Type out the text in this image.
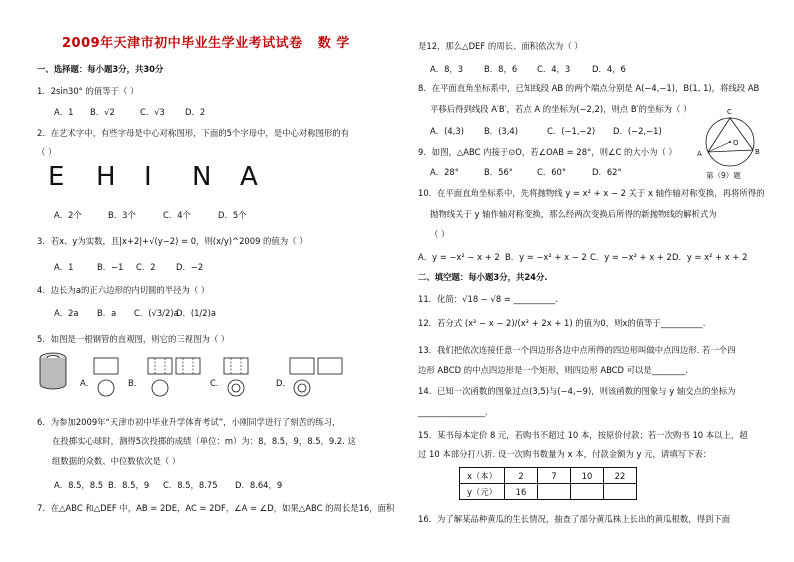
2009年天津市初中毕业生学业考试试卷 数 学
一、选择题：每小题3分，共30分
1．2sin30° 的值等于（ ）
A．1 B．√2	C．√3 D．2
2．在艺术字中，有些字母是中心对称图形，下面的5个字母中，是中心对称图形的有
（ ）
E H I N A
A．2个	B．3个	C．4个	D．5个
3．若x、y为实数，且|x+2|+√(y−2) = 0，则(x/y)^2009 的值为（ ）
A．1	B．−1 C．2 D．−2
4．边长为a的正六边形的内切圆的半径为（ ）
A．2a B．a C．(√3/2)a
D．(1/2)a
5．如图是一根钢管的直观图，则它的三视图为（ ）
A．	B．	C．	D．
6．为参加2009年“天津市初中毕业升学体育考试”，小刚同学进行了刻苦的练习，
在投掷实心球时，测得5次投掷的成绩（单位：m）为：8，8.5，9，8.5，9.2. 这
组数据的众数、中位数依次是（ ）
A．8.5，8.5 B．8.5，9 C．8.5，8.75 D．8.64，9
7．在△ABC 和△DEF 中，AB = 2DE，AC = 2DF，∠A = ∠D，如果△ABC 的周长是16，面积
是12，那么△DEF 的周长、面积依次为（ ）
A．8，3 B．8，6 C．4，3	D．4，6
8．在平面直角坐标系中，已知线段 AB 的两个端点分别是 A(−4,−1)，B(1, 1)，将线段 AB
平移后得到线段 A′B′，若点 A 的坐标为(−2,2)，则点 B′的坐标为（ ）
A．(4,3) B．(3,4)	C．(−1,−2) D．(−2,−1)
9．如图，△ABC 内接于⊙O，若∠OAB = 28°，则∠C 的大小为（ ）
A．28°	B．56°	C．60°	D．62°
C
A	B
O
第（9）题
10．在平面直角坐标系中，先将抛物线 y = x² + x − 2 关于 x 轴作轴对称变换，再将所得的
抛物线关于 y 轴作轴对称变换，那么经两次变换后所得的新抛物线的解析式为
（ ）
A．y = −x² − x + 2 B．y = −x² + x − 2 C．y = −x² + x + 2 D．y = x² + x + 2
二、填空题：每小题3分，共24分.
11．化简：√18 − √8 = __________.
12．若分式 (x² − x − 2)/(x² + 2x + 1) 的值为0，则x的值等于__________.
13．我们把依次连接任意一个四边形各边中点所得的四边形叫做中点四边形. 若一个四
边形 ABCD 的中点四边形是一个矩形，则四边形 ABCD 可以是________.
14．已知一次函数的图象过点(3,5)与(−4,−9)，则该函数的图象与 y 轴交点的坐标为
________________.
15．某书每本定价 8 元，若购书不超过 10 本，按原价付款；若一次购书 10 本以上，超
过 10 本部分打八折. 设一次购书数量为 x 本，付款金额为 y 元，请填写下表：
x（本）	2	7	10	22
y（元）	16			
16．为了解某品种黄瓜的生长情况，抽查了部分黄瓜株上长出的黄瓜根数，得到下面
